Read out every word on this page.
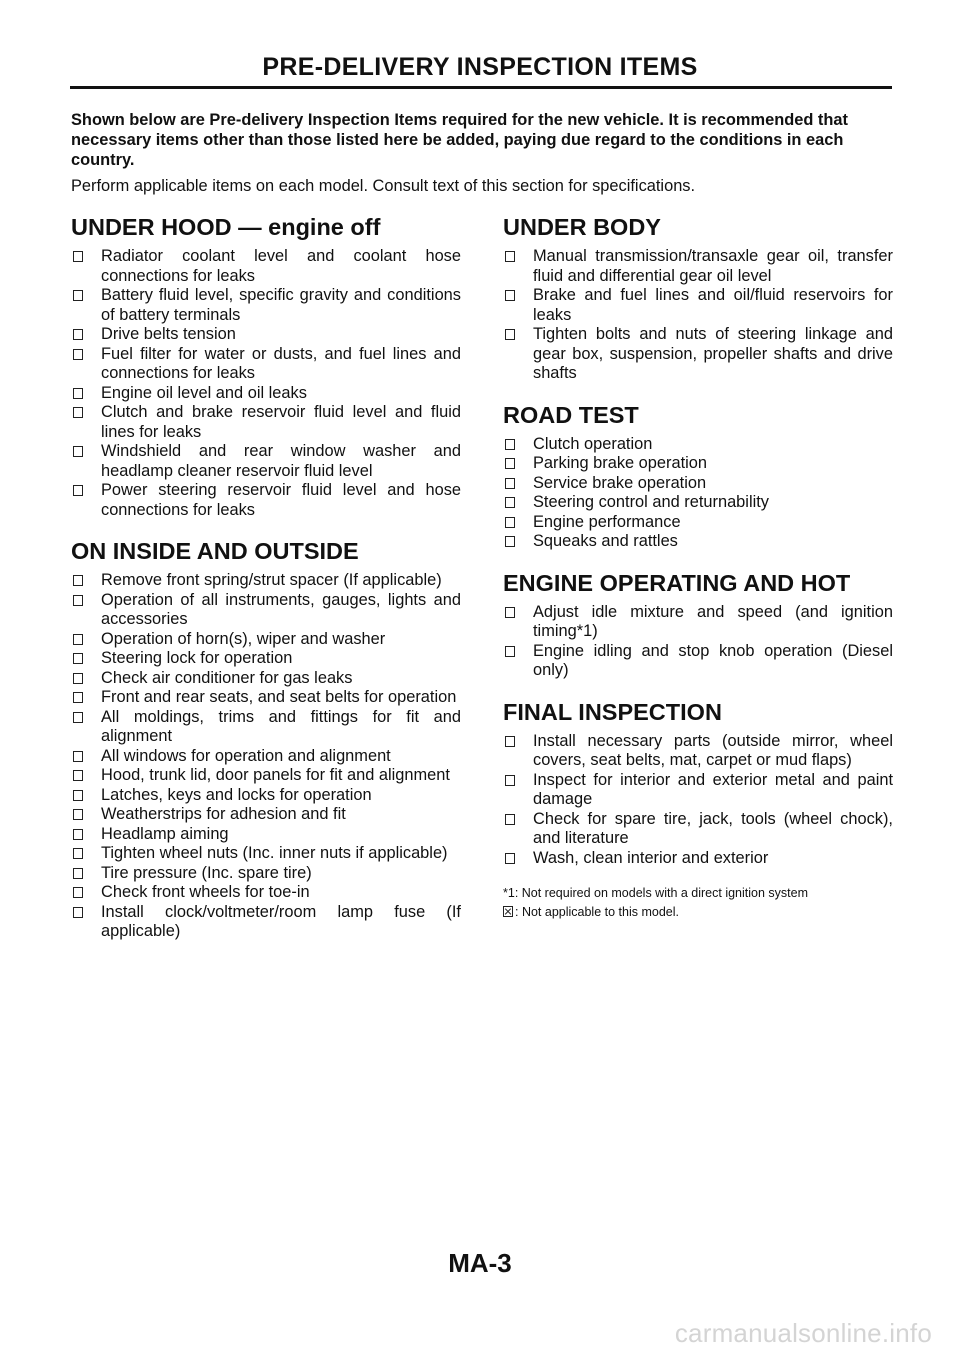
PRE-DELIVERY INSPECTION ITEMS

Shown below are Pre-delivery Inspection Items required for the new vehicle. It is recommended that necessary items other than those listed here be added, paying due regard to the conditions in each country.

Perform applicable items on each model. Consult text of this section for specifications.

UNDER HOOD — engine off
Radiator coolant level and coolant hose connections for leaks
Battery fluid level, specific gravity and conditions of battery terminals
Drive belts tension
Fuel filter for water or dusts, and fuel lines and connections for leaks
Engine oil level and oil leaks
Clutch and brake reservoir fluid level and fluid lines for leaks
Windshield and rear window washer and headlamp cleaner reservoir fluid level
Power steering reservoir fluid level and hose connections for leaks
ON INSIDE AND OUTSIDE
Remove front spring/strut spacer (If applicable)
Operation of all instruments, gauges, lights and accessories
Operation of horn(s), wiper and washer
Steering lock for operation
Check air conditioner for gas leaks
Front and rear seats, and seat belts for operation
All moldings, trims and fittings for fit and alignment
All windows for operation and alignment
Hood, trunk lid, door panels for fit and alignment
Latches, keys and locks for operation
Weatherstrips for adhesion and fit
Headlamp aiming
Tighten wheel nuts (Inc. inner nuts if applicable)
Tire pressure (Inc. spare tire)
Check front wheels for toe-in
Install clock/voltmeter/room lamp fuse (If applicable)
UNDER BODY
Manual transmission/transaxle gear oil, transfer fluid and differential gear oil level
Brake and fuel lines and oil/fluid reservoirs for leaks
Tighten bolts and nuts of steering linkage and gear box, suspension, propeller shafts and drive shafts
ROAD TEST
Clutch operation
Parking brake operation
Service brake operation
Steering control and returnability
Engine performance
Squeaks and rattles
ENGINE OPERATING AND HOT
Adjust idle mixture and speed (and ignition timing*1)
Engine idling and stop knob operation (Diesel only)
FINAL INSPECTION
Install necessary parts (outside mirror, wheel covers, seat belts, mat, carpet or mud flaps)
Inspect for interior and exterior metal and paint damage
Check for spare tire, jack, tools (wheel chock), and literature
Wash, clean interior and exterior
*1: Not required on models with a direct ignition system
: Not applicable to this model.
MA-3
carmanualsonline.info
